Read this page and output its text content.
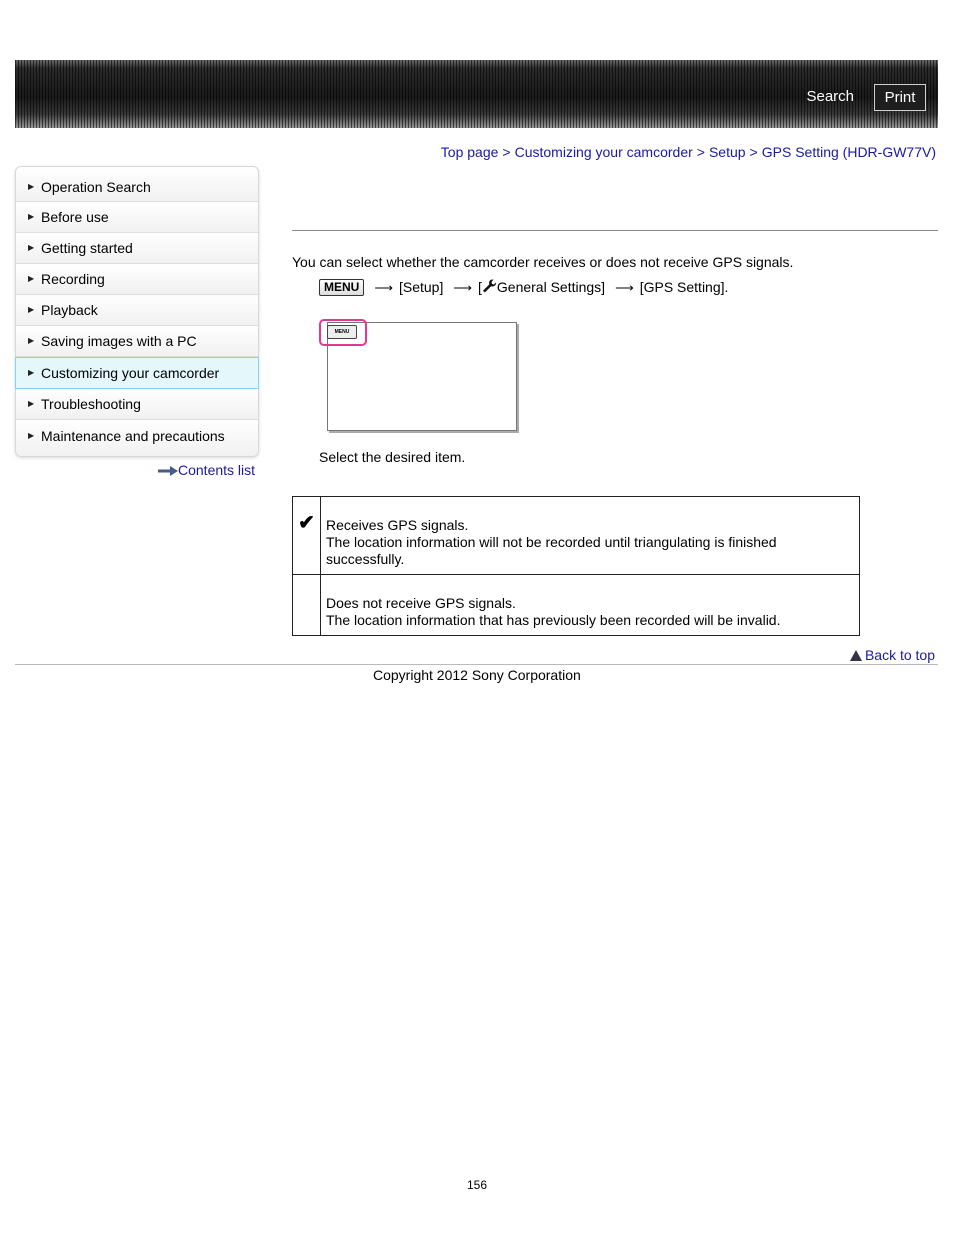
Search	Print
Top page > Customizing your camcorder > Setup > GPS Setting (HDR-GW77V)
▶ Operation Search
▶ Before use
▶ Getting started
▶ Recording
▶ Playback
▶ Saving images with a PC
▶ Customizing your camcorder
▶ Troubleshooting
▶ Maintenance and precautions
Contents list
You can select whether the camcorder receives or does not receive GPS signals.
MENU ⟶ [Setup] ⟶ [ General Settings] ⟶ [GPS Setting].
MENU
Select the desired item.
✔	Receives GPS signals.
The location information will not be recorded until triangulating is finished successfully.

	Does not receive GPS signals.
The location information that has previously been recorded will be invalid.
Back to top
Copyright 2012 Sony Corporation
156
